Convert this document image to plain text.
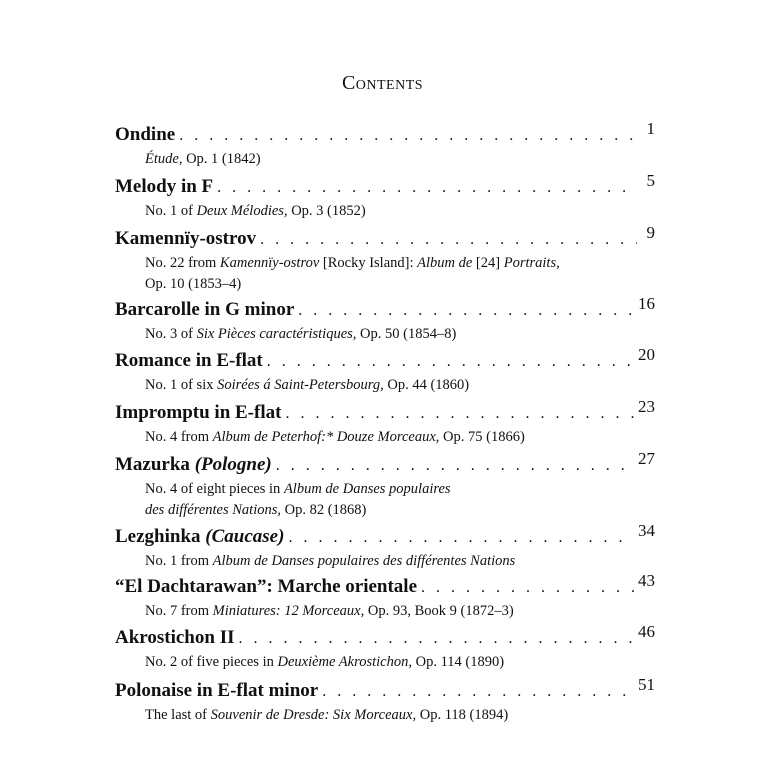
Contents
Ondine . . .	1
Étude, Op. 1 (1842)
Melody in F . . .	5
No. 1 of Deux Mélodies, Op. 3 (1852)
Kamennïy-ostrov . . .	9
No. 22 from Kamennïy-ostrov [Rocky Island]: Album de [24] Portraits,
Op. 10 (1853–4)
Barcarolle in G minor . . .	16
No. 3 of Six Pièces caractéristiques, Op. 50 (1854–8)
Romance in E-flat . . .	20
No. 1 of six Soirées á Saint-Petersbourg, Op. 44 (1860)
Impromptu in E-flat . . .	23
No. 4 from Album de Peterhof:* Douze Morceaux, Op. 75 (1866)
Mazurka (Pologne) . . .	27
No. 4 of eight pieces in Album de Danses populaires
des différentes Nations, Op. 82 (1868)
Lezghinka (Caucase) . . .	34
No. 1 from Album de Danses populaires des différentes Nations
“El Dachtarawan”: Marche orientale . . .	43
No. 7 from Miniatures: 12 Morceaux, Op. 93, Book 9 (1872–3)
Akrostichon II . . .	46
No. 2 of five pieces in Deuxième Akrostichon, Op. 114 (1890)
Polonaise in E-flat minor . . .	51
The last of Souvenir de Dresde: Six Morceaux, Op. 118 (1894)
